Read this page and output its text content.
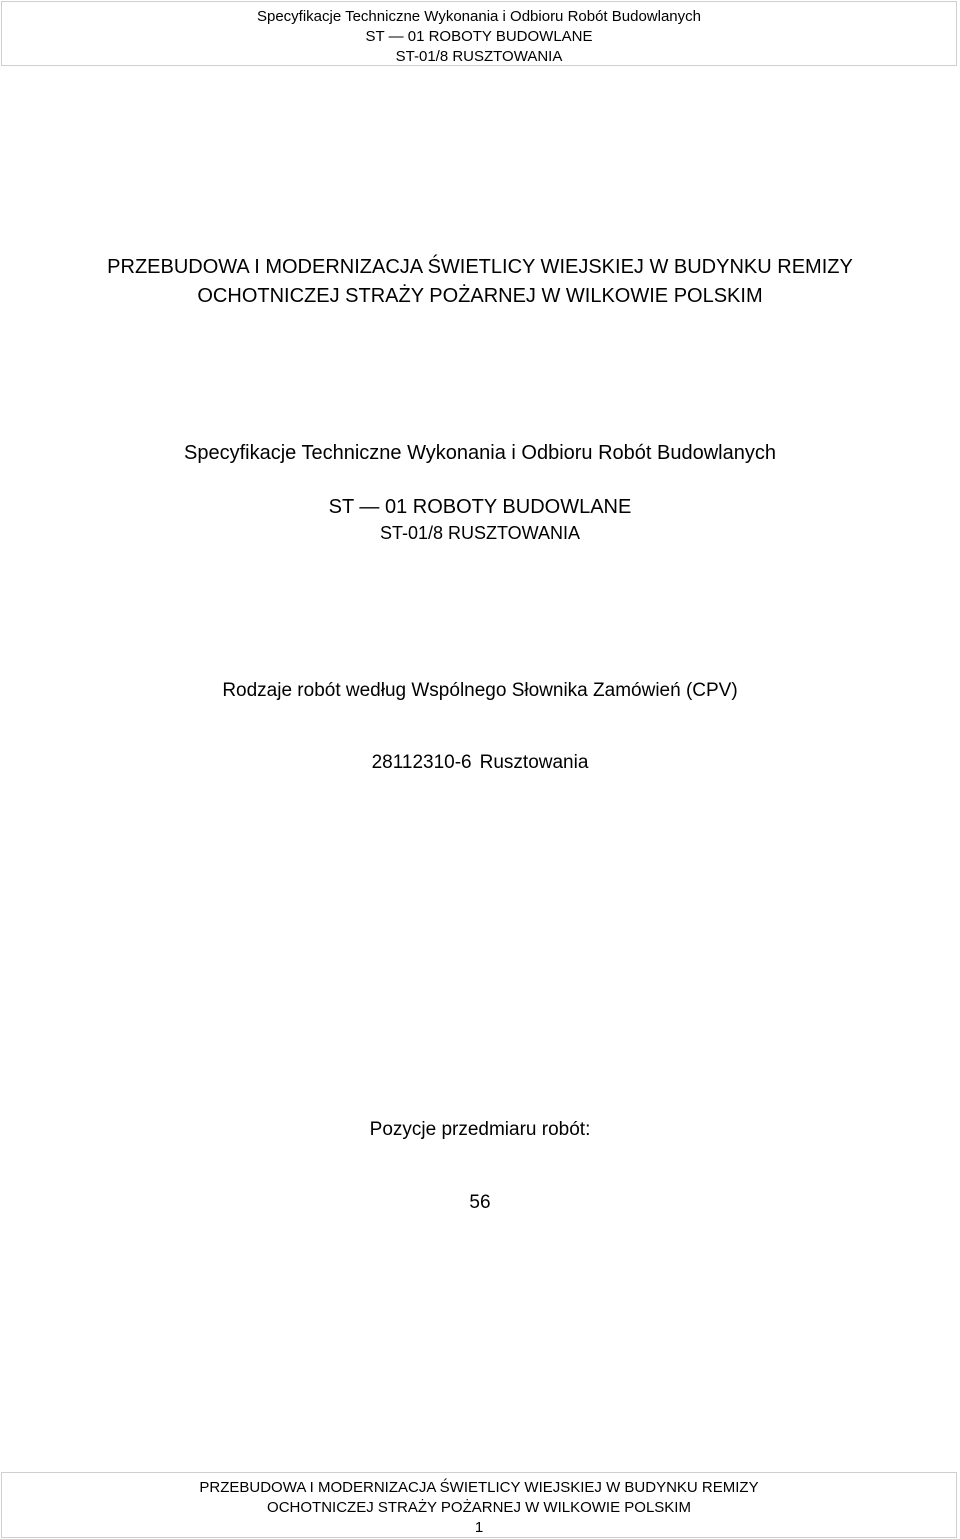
Specyfikacje Techniczne Wykonania i Odbioru Robót Budowlanych
ST — 01 ROBOTY BUDOWLANE
ST-01/8 RUSZTOWANIA
PRZEBUDOWA I MODERNIZACJA ŚWIETLICY WIEJSKIEJ W BUDYNKU REMIZY
OCHOTNICZEJ STRAŻY POŻARNEJ W WILKOWIE POLSKIM
Specyfikacje Techniczne Wykonania i Odbioru Robót Budowlanych
ST — 01 ROBOTY BUDOWLANE
ST-01/8 RUSZTOWANIA
Rodzaje robót według Wspólnego Słownika Zamówień (CPV)
28112310-6 Rusztowania
Pozycje przedmiaru robót:
56
PRZEBUDOWA I MODERNIZACJA ŚWIETLICY WIEJSKIEJ W BUDYNKU REMIZY
OCHOTNICZEJ STRAŻY POŻARNEJ W WILKOWIE POLSKIM
1
